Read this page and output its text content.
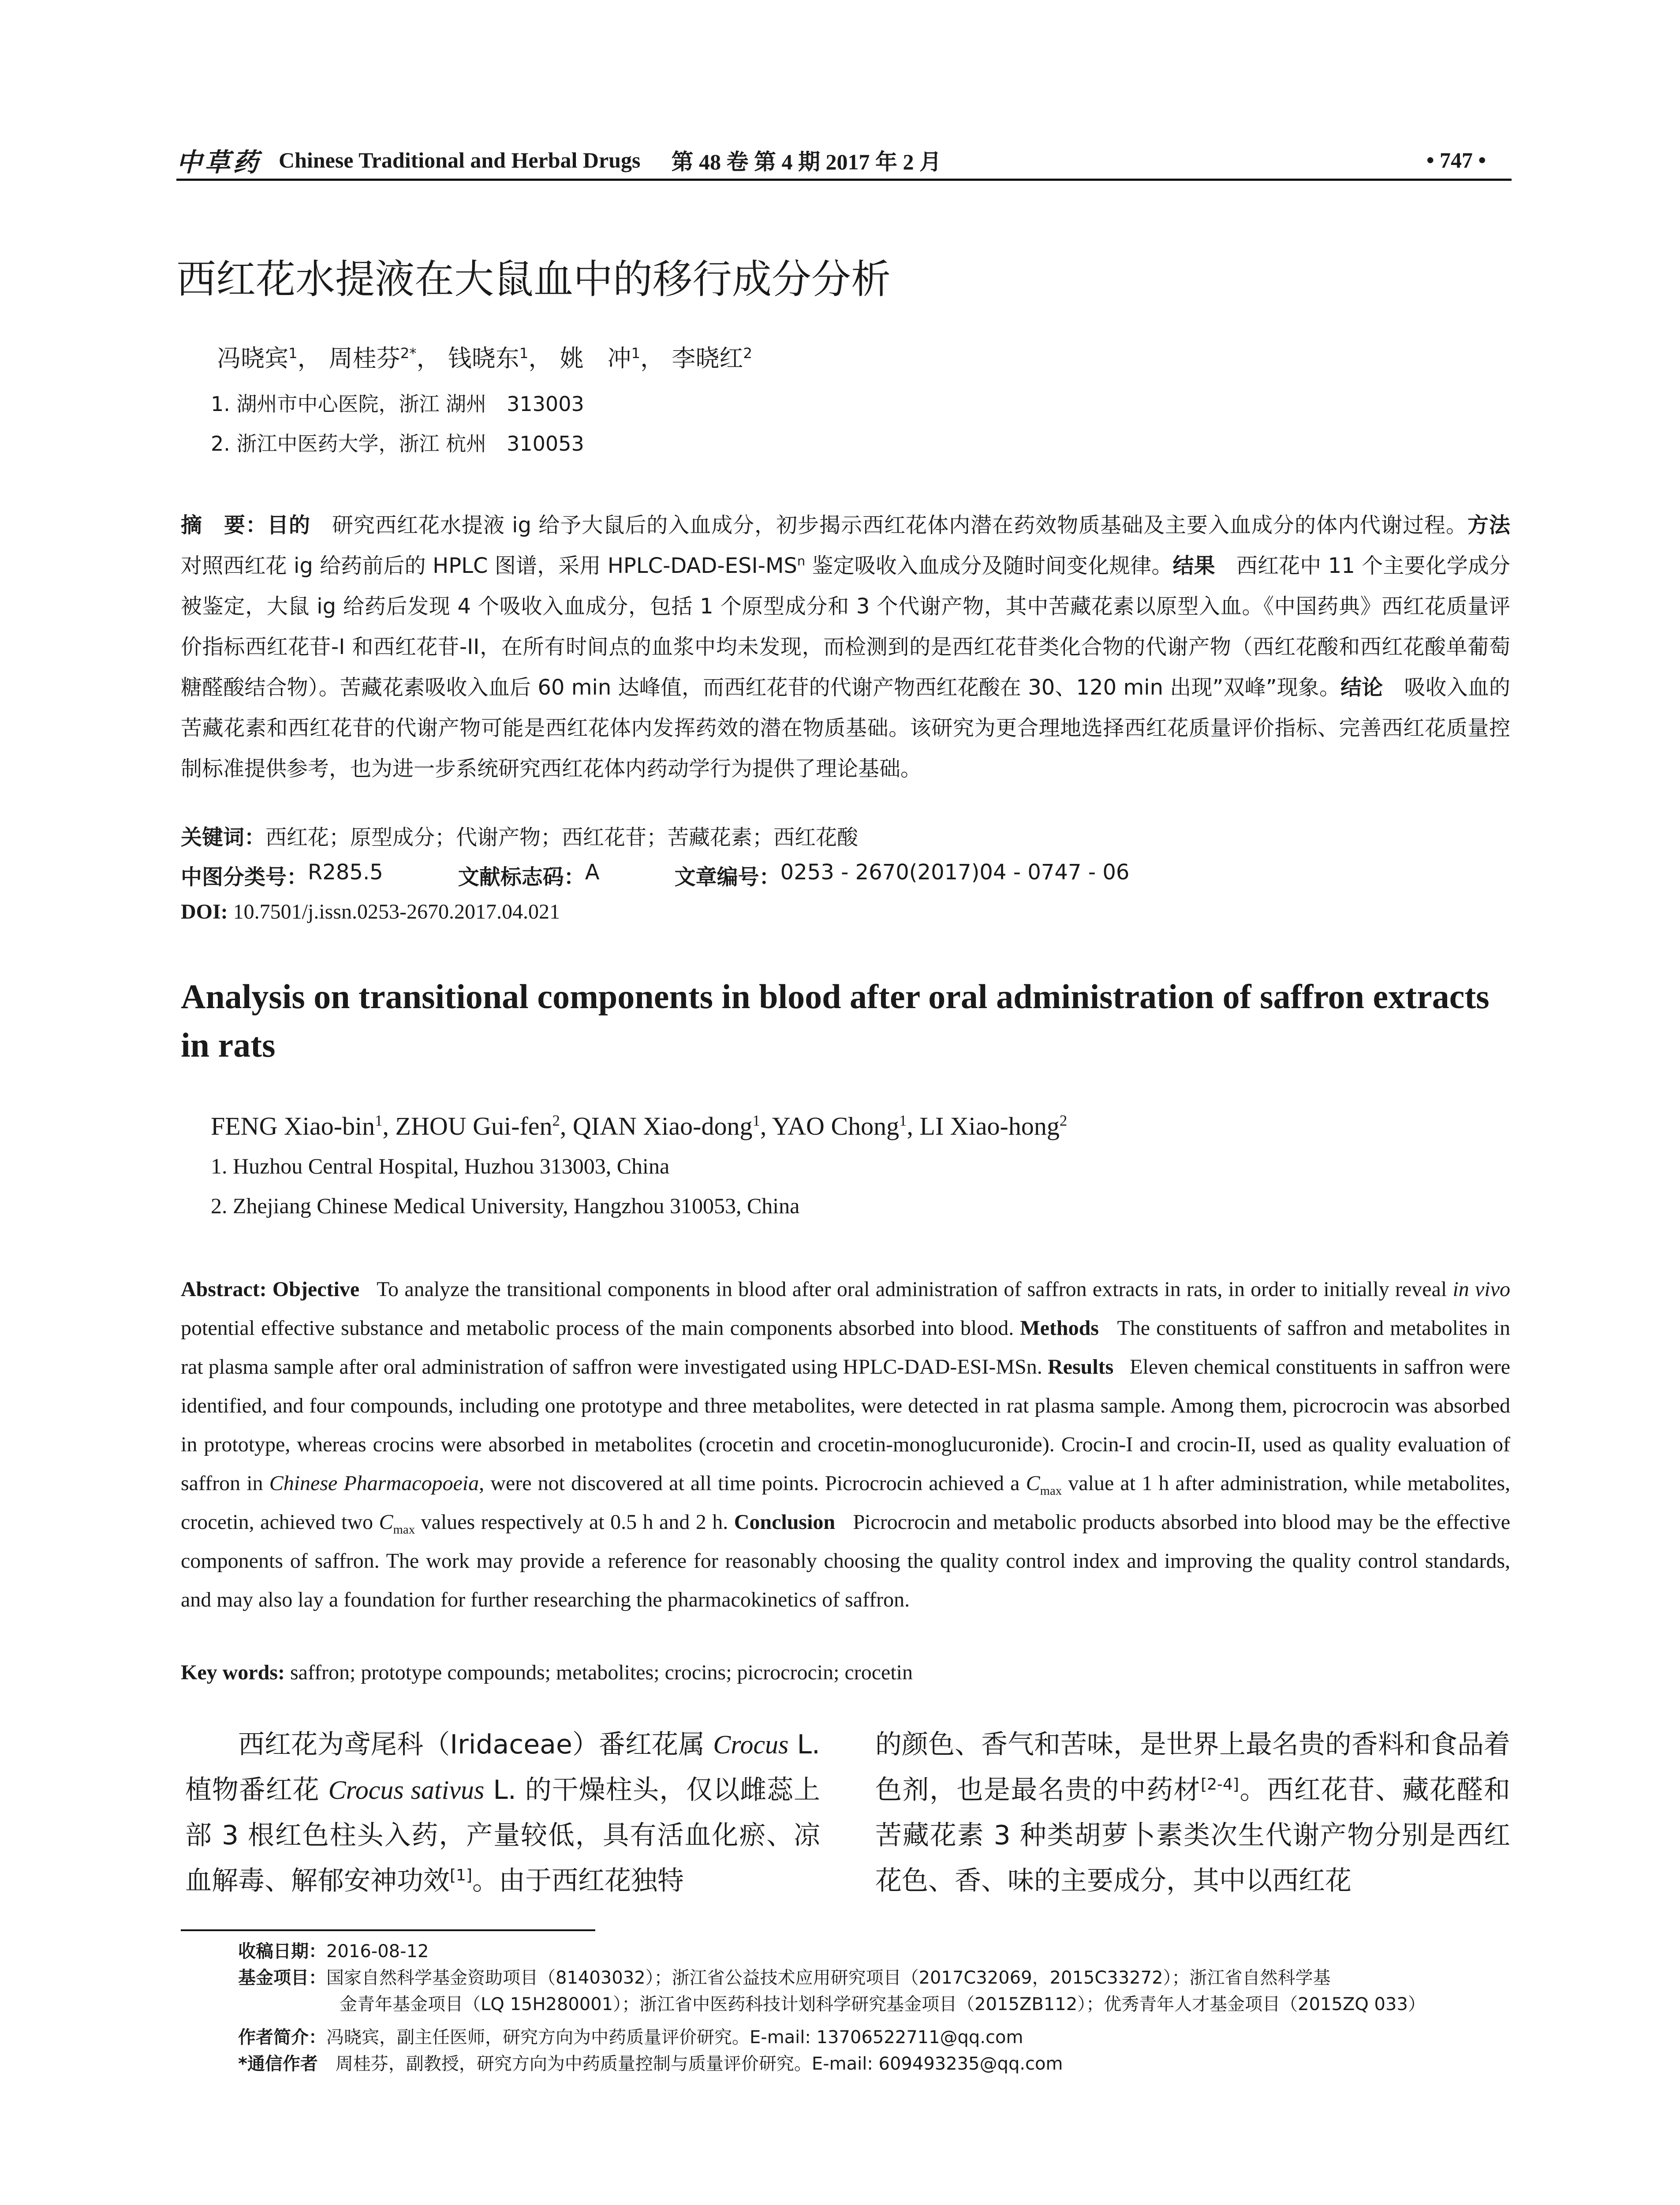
中草药 Chinese Traditional and Herbal Drugs 第 48 卷 第 4 期 2017 年 2 月	• 747 •
西红花水提液在大鼠血中的移行成分分析
冯晓宾$^1$， 周桂芬$^{2*}$， 钱晓东$^1$， 姚　冲$^1$， 李晓红$^2$
1. 湖州市中心医院，浙江 湖州　313003
2. 浙江中医药大学，浙江 杭州　310053
摘　要：目的　 研究西红花水提液 ig 给予大鼠后的入血成分，初步揭示西红花体内潜在药效物质基础及主要入血成分的体内代谢过程。方法　对照西红花 ig 给药前后的 HPLC 图谱，采用 HPLC-$DAD-ESI-MS^n$ 鉴定吸收入血成分及随时间变化规律。结果　 西红花中 11 个主要化学成分被鉴定，大鼠 ig 给药后发现 4 个吸收入血成分，包括 1 个原型成分和 3 个代谢产物，其中苦藏花素以原型入血。《中国药典》西红花质量评价指标西红花苷-I 和西红花苷-II，在所有时间点的血浆中均未发现，而检测到的是西红花苷类化合物的代谢产物（西红花酸和西红花酸单葡萄糖醛酸结合物）。苦藏花素吸收入血后 60 min 达峰值，而西红花苷的代谢产物西红花酸在 30、120 min 出现”双峰”现象。结论　 吸收入血的苦藏花素和西红花苷的代谢产物可能是西红花体内发挥药效的潜在物质基础。该研究为更合理地选择西红花质量评价指标、完善西红花质量控制标准提供参考，也为进一步系统研究西红花体内药动学行为提供了理论基础。
关键词：西红花；原型成分；代谢产物；西红花苷；苦藏花素；西红花酸
中图分类号： R285.5	文献标志码： A	文章编号： 0253 - 2670(2017)04 - 0747 - 06
DOI: 10.7501/j.issn.0253-2670.2017.04.021
Analysis on transitional components in blood after oral administration of saffron extracts in rats
FENG Xiao-bin$^1$, ZHOU Gui-fen$^2$, QIAN Xiao-dong$^1$, YAO Chong$^1$, LI Xiao-hong$^2$
1. Huzhou Central Hospital, Huzhou 313003, China
2. Zhejiang Chinese Medical University, Hangzhou 310053, China
Abstract: Objective To analyze the transitional components in blood after oral administration of saffron extracts in rats, in order to initially reveal in vivo potential effective substance and metabolic process of the main components absorbed into blood. Methods The constituents of saffron and metabolites in rat plasma sample after oral administration of saffron were investigated using HPLC-DAD-ESI-MSn. Results Eleven chemical constituents in saffron were identified, and four compounds, including one prototype and three metabolites, were detected in rat plasma sample. Among them, picrocrocin was absorbed in prototype, whereas crocins were absorbed in metabolites (crocetin and crocetin-monoglucuronide). Crocin-I and crocin-II, used as quality evaluation of saffron in Chinese Pharmacopoeia, were not discovered at all time points. Picrocrocin achieved a $C_{max}$ value at 1 h after administration, while metabolites, crocetin, achieved two $C_{max}$ values respectively at 0.5 h and 2 h. Conclusion Picrocrocin and metabolic products absorbed into blood may be the effective components of saffron. The work may provide a reference for reasonably choosing the quality control index and improving the quality control standards, and may also lay a foundation for further researching the pharmacokinetics of saffron.
Key words: saffron; prototype compounds; metabolites; crocins; picrocrocin; crocetin
西红花为鸢尾科（Iridaceae）番红花属 Crocus L. 植物番红花 Crocus sativus L. 的干燥柱头，仅以雌蕊上部 3 根红色柱头入药，产量较低，具有活血化瘀、凉血解毒、解郁安神功效[1]。由于西红花独特
的颜色、香气和苦味，是世界上最名贵的香料和食品着色剂，也是最名贵的中药材[2-4]。西红花苷、藏花醛和苦藏花素 3 种类胡萝卜素类次生代谢产物分别是西红花色、香、味的主要成分，其中以西红花
收稿日期：2016-08-12
基金项目：国家自然科学基金资助项目（81403032）；浙江省公益技术应用研究项目（2017C32069，2015C33272）；浙江省自然科学基
金青年基金项目（LQ 15H280001）；浙江省中医药科技计划科学研究基金项目（2015ZB112）；优秀青年人才基金项目（2015ZQ 033）
作者简介：冯晓宾，副主任医师，研究方向为中药质量评价研究。E-mail: 13706522711@qq.com
*通信作者　周桂芬，副教授，研究方向为中药质量控制与质量评价研究。E-mail: 609493235@qq.com
